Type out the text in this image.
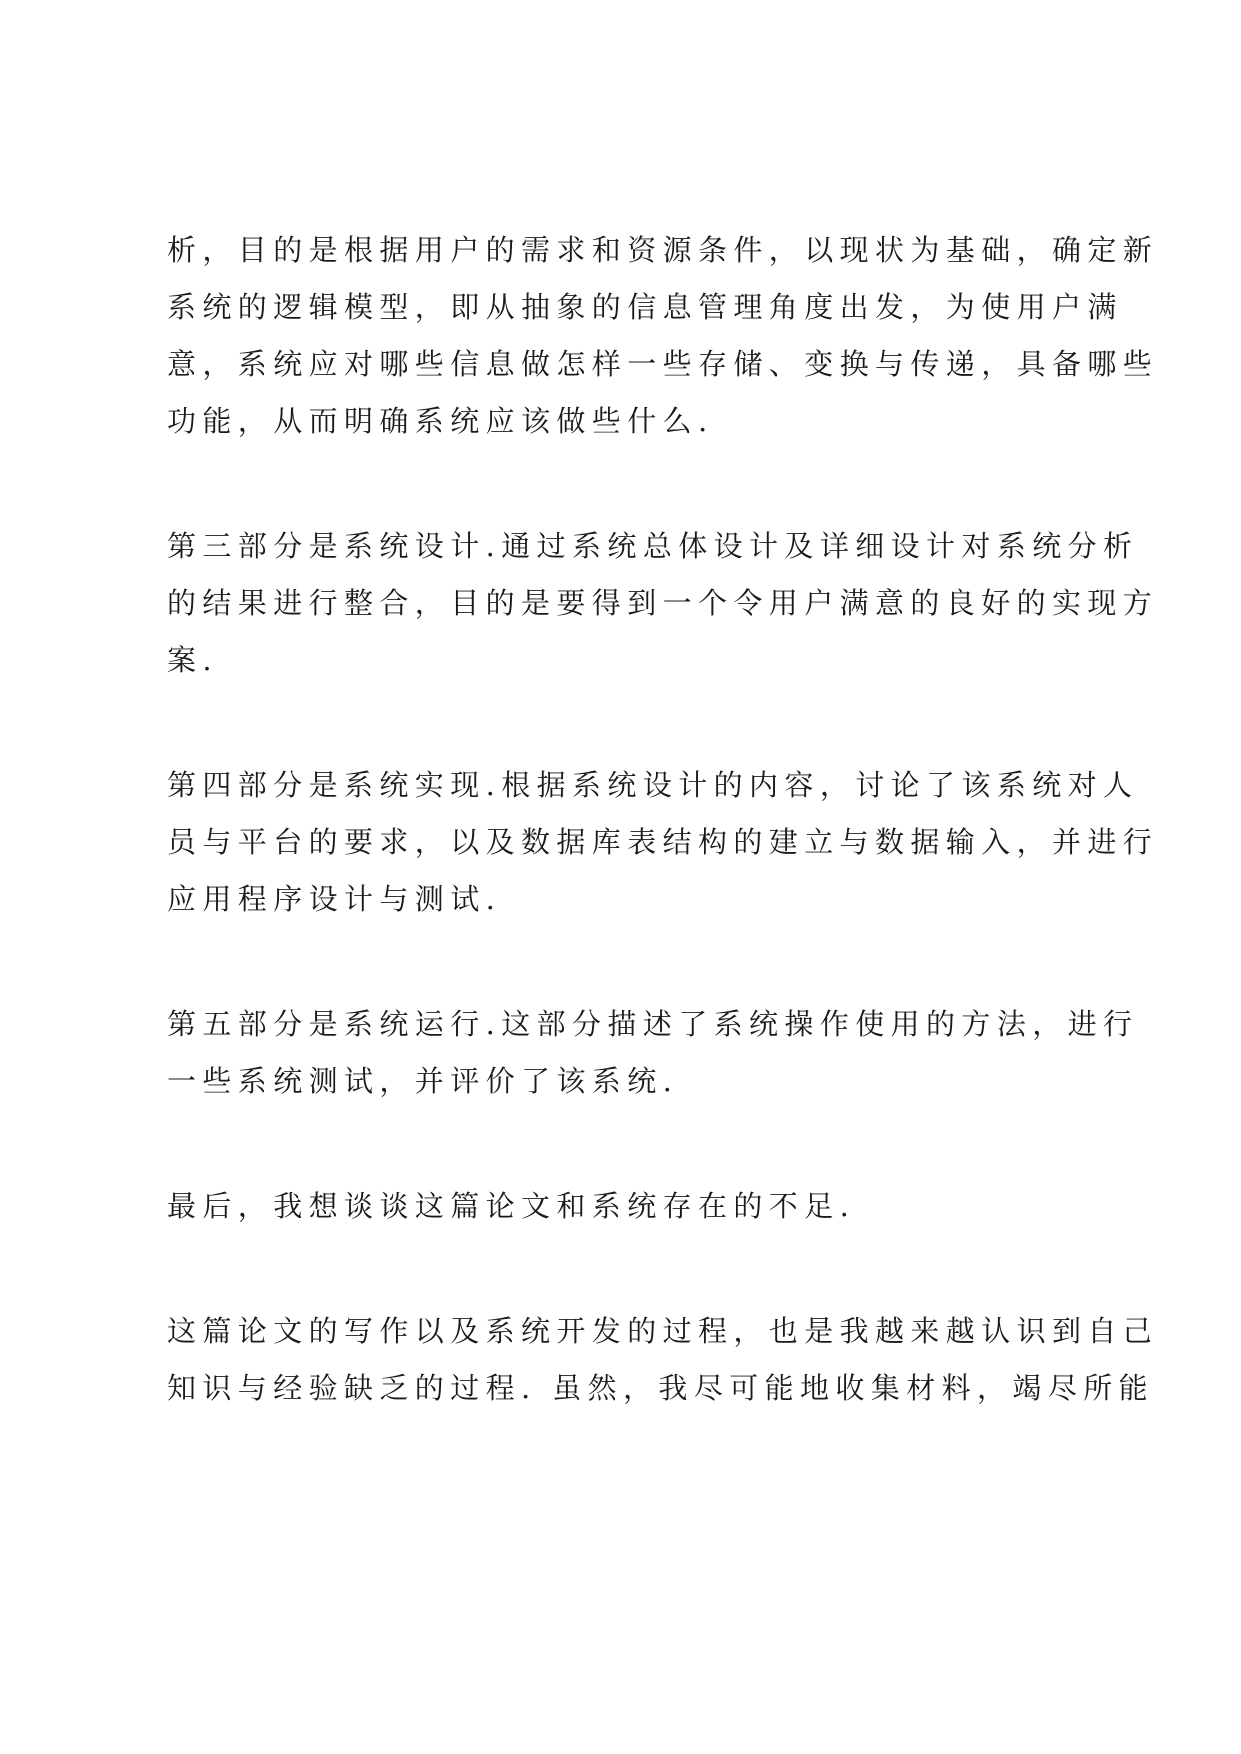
析，目的是根据用户的需求和资源条件，以现状为基础，确定新
系统的逻辑模型，即从抽象的信息管理角度出发，为使用户满
意，系统应对哪些信息做怎样一些存储、变换与传递，具备哪些
功能，从而明确系统应该做些什么.

第三部分是系统设计.通过系统总体设计及详细设计对系统分析
的结果进行整合，目的是要得到一个令用户满意的良好的实现方
案.

第四部分是系统实现.根据系统设计的内容，讨论了该系统对人
员与平台的要求，以及数据库表结构的建立与数据输入，并进行
应用程序设计与测试.

第五部分是系统运行.这部分描述了系统操作使用的方法，进行
一些系统测试，并评价了该系统.

最后，我想谈谈这篇论文和系统存在的不足.

这篇论文的写作以及系统开发的过程，也是我越来越认识到自己
知识与经验缺乏的过程. 虽然，我尽可能地收集材料，竭尽所能
